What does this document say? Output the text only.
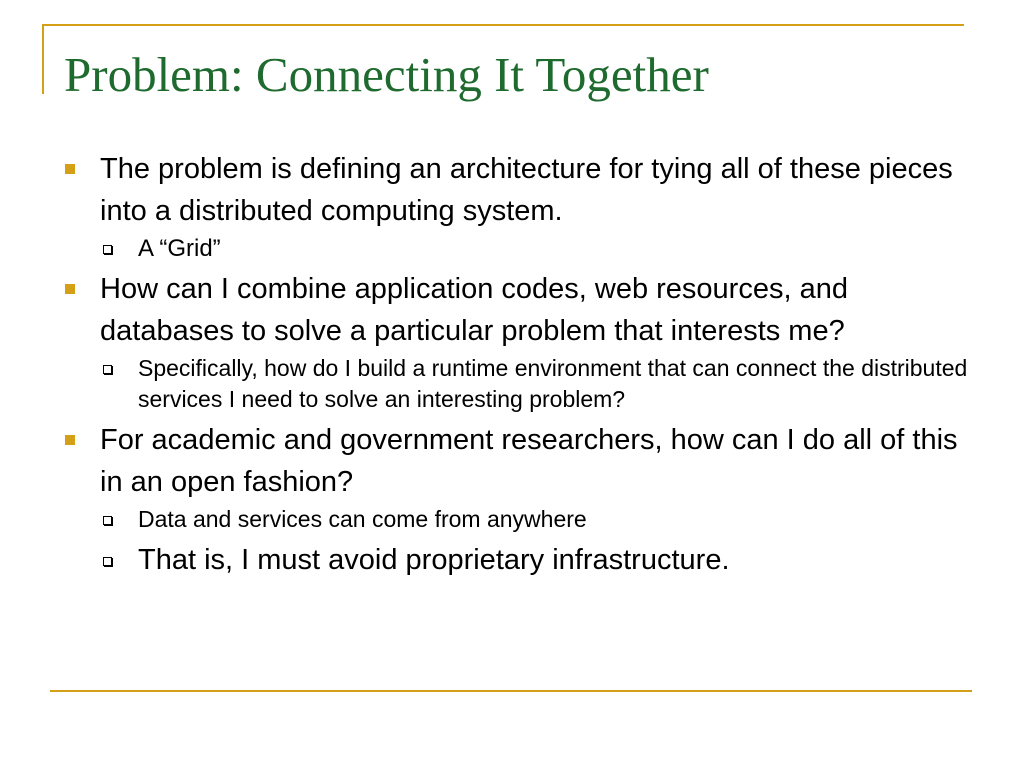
Problem: Connecting It Together
The problem is defining an architecture for tying all of these pieces into a distributed computing system.
A “Grid”
How can I combine application codes, web resources, and databases to solve a particular problem that interests me?
Specifically, how do I build a runtime environment that can connect the distributed services I need to solve an interesting problem?
For academic and government researchers, how can I do all of this in an open fashion?
Data and services can come from anywhere
That is, I must avoid proprietary infrastructure.
